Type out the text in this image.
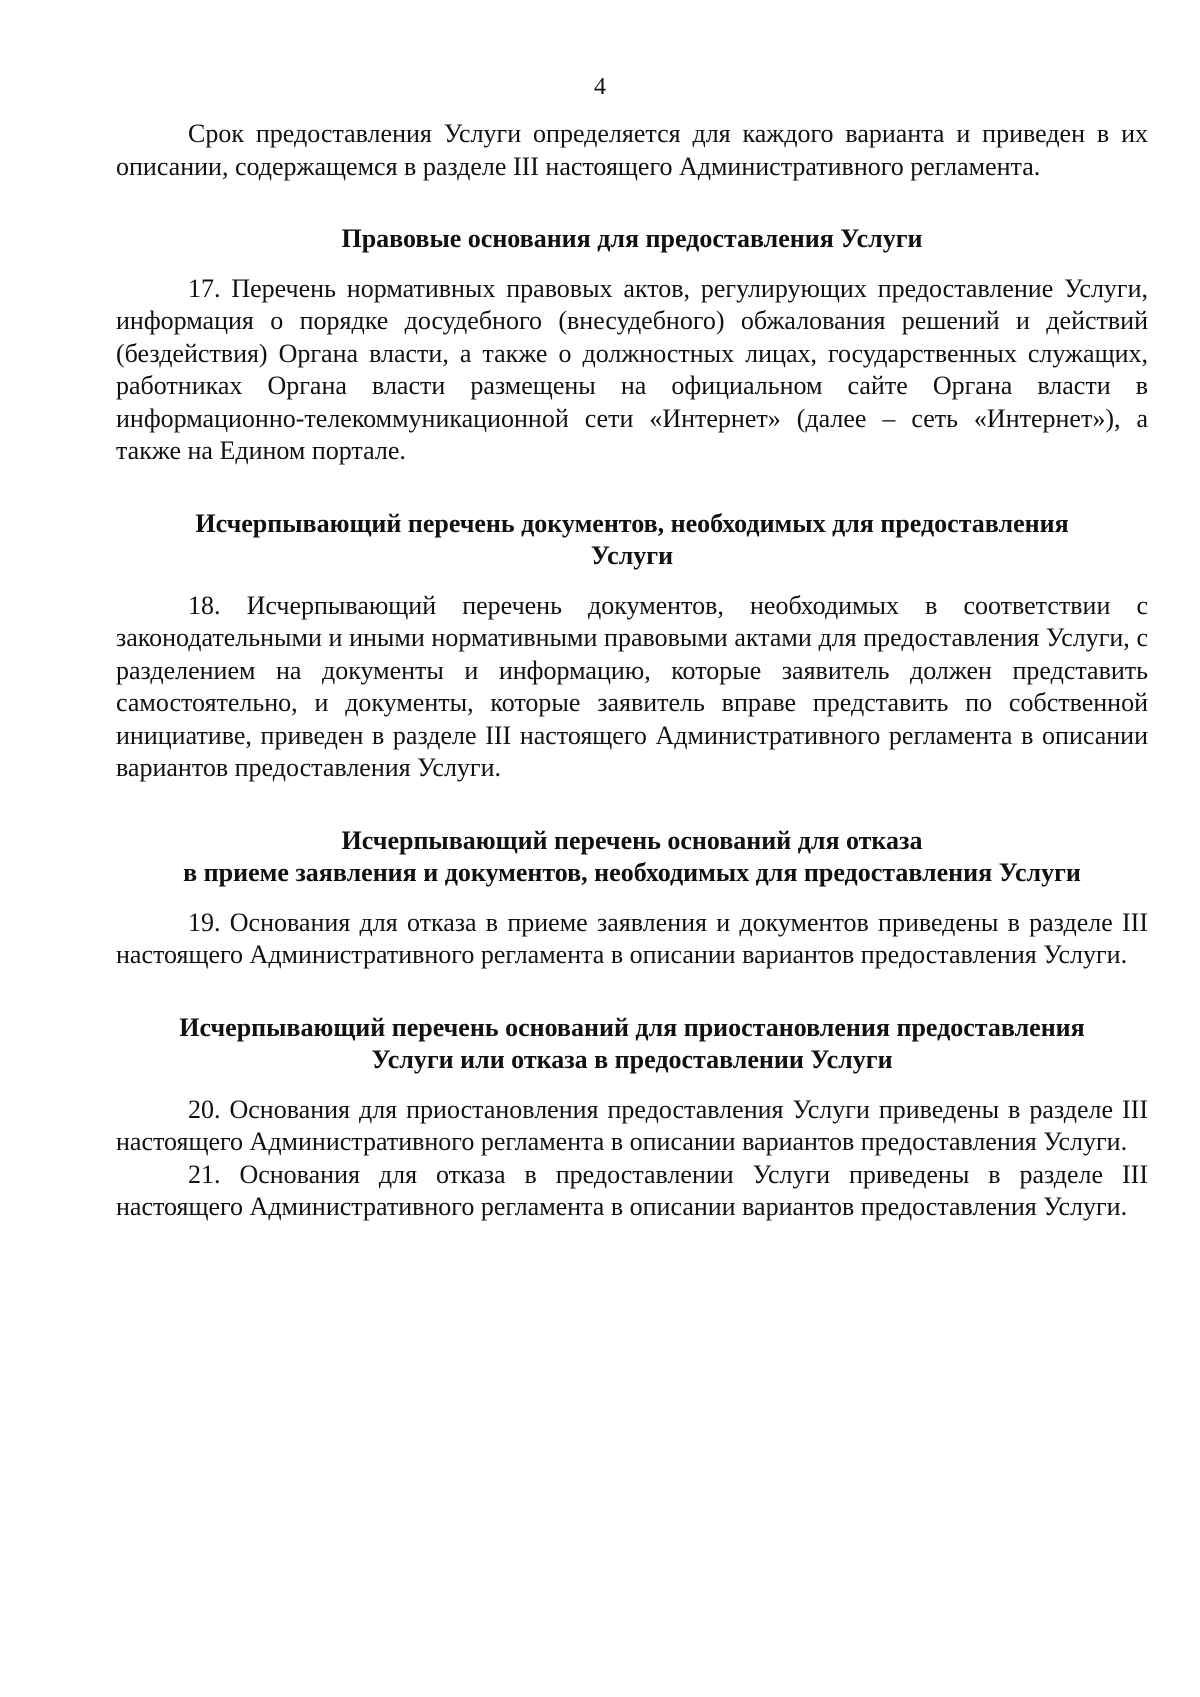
4

Срок предоставления Услуги определяется для каждого варианта и приведен в их описании, содержащемся в разделе III настоящего Административного регламента.

Правовые основания для предоставления Услуги

17. Перечень нормативных правовых актов, регулирующих предоставление Услуги, информация о порядке досудебного (внесудебного) обжалования решений и действий (бездействия) Органа власти, а также о должностных лицах, государственных служащих, работниках Органа власти размещены на официальном сайте Органа власти в информационно-телекоммуникационной сети «Интернет» (далее – сеть «Интернет»), а также на Едином портале.

Исчерпывающий перечень документов, необходимых для предоставления
Услуги

18. Исчерпывающий перечень документов, необходимых в соответствии с законодательными и иными нормативными правовыми актами для предоставления Услуги, с разделением на документы и информацию, которые заявитель должен представить самостоятельно, и документы, которые заявитель вправе представить по собственной инициативе, приведен в разделе III настоящего Административного регламента в описании вариантов предоставления Услуги.

Исчерпывающий перечень оснований для отказа
в приеме заявления и документов, необходимых для предоставления Услуги

19. Основания для отказа в приеме заявления и документов приведены в разделе III настоящего Административного регламента в описании вариантов предоставления Услуги.

Исчерпывающий перечень оснований для приостановления предоставления
Услуги или отказа в предоставлении Услуги

20. Основания для приостановления предоставления Услуги приведены в разделе III настоящего Административного регламента в описании вариантов предоставления Услуги.

21. Основания для отказа в предоставлении Услуги приведены в разделе III настоящего Административного регламента в описании вариантов предоставления Услуги.
